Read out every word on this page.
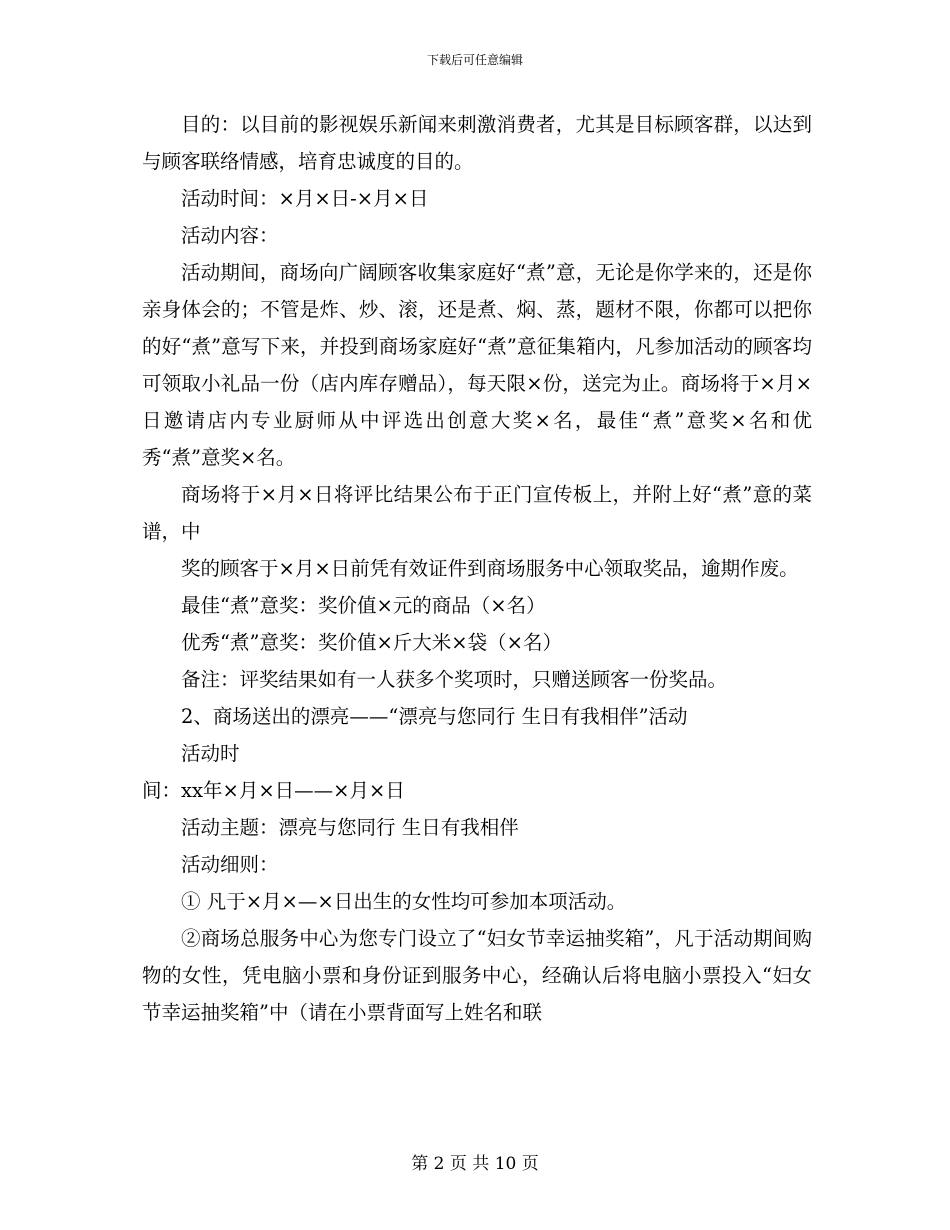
下载后可任意编辑

目的：以目前的影视娱乐新闻来刺激消费者，尤其是目标顾客群，以达到与顾客联络情感，培育忠诚度的目的。

活动时间：×月×日-×月×日

活动内容：

活动期间，商场向广阔顾客收集家庭好“煮”意，无论是你学来的，还是你亲身体会的；不管是炸、炒、滚，还是煮、焖、蒸，题材不限，你都可以把你的好“煮”意写下来，并投到商场家庭好“煮”意征集箱内，凡参加活动的顾客均可领取小礼品一份（店内库存赠品），每天限×份，送完为止。商场将于×月×日邀请店内专业厨师从中评选出创意大奖×名，最佳“煮”意奖×名和优秀“煮”意奖×名。

商场将于×月×日将评比结果公布于正门宣传板上，并附上好“煮”意的菜谱，中

奖的顾客于×月×日前凭有效证件到商场服务中心领取奖品，逾期作废。

最佳“煮”意奖：奖价值×元的商品（×名）

优秀“煮”意奖：奖价值×斤大米×袋（×名）

备注：评奖结果如有一人获多个奖项时，只赠送顾客一份奖品。

2、商场送出的漂亮——“漂亮与您同行 生日有我相伴”活动

活动时

间：xx年×月×日——×月×日

活动主题：漂亮与您同行 生日有我相伴

活动细则：

① 凡于×月×—×日出生的女性均可参加本项活动。

②商场总服务中心为您专门设立了“妇女节幸运抽奖箱”，凡于活动期间购物的女性，凭电脑小票和身份证到服务中心，经确认后将电脑小票投入“妇女节幸运抽奖箱”中（请在小票背面写上姓名和联

第 2 页 共 10 页
